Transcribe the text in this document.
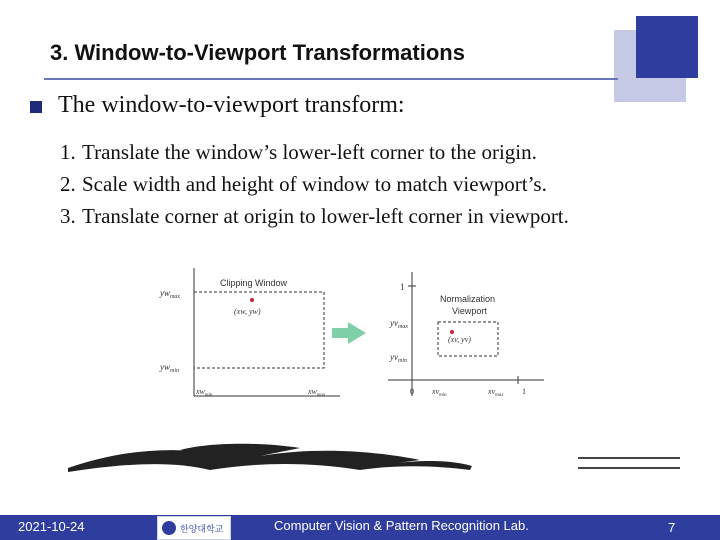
3. Window-to-Viewport Transformations
The window-to-viewport transform:
1. Translate the window’s lower-left corner to the origin.
2. Scale width and height of window to match viewport’s.
3. Translate corner at origin to lower-left corner in viewport.
Clipping Window
$yw_{max}$
$yw_{min}$
$xw_{min}$	$xw_{max}$
(xw, yw)
1
Normalization
Viewport
$yv_{max}$
$yv_{min}$
(xv, yv)
0 $xv_{min}$	$xv_{max}$ 1
2021-10-24	한양대학교	Computer Vision & Pattern Recognition Lab.	7
